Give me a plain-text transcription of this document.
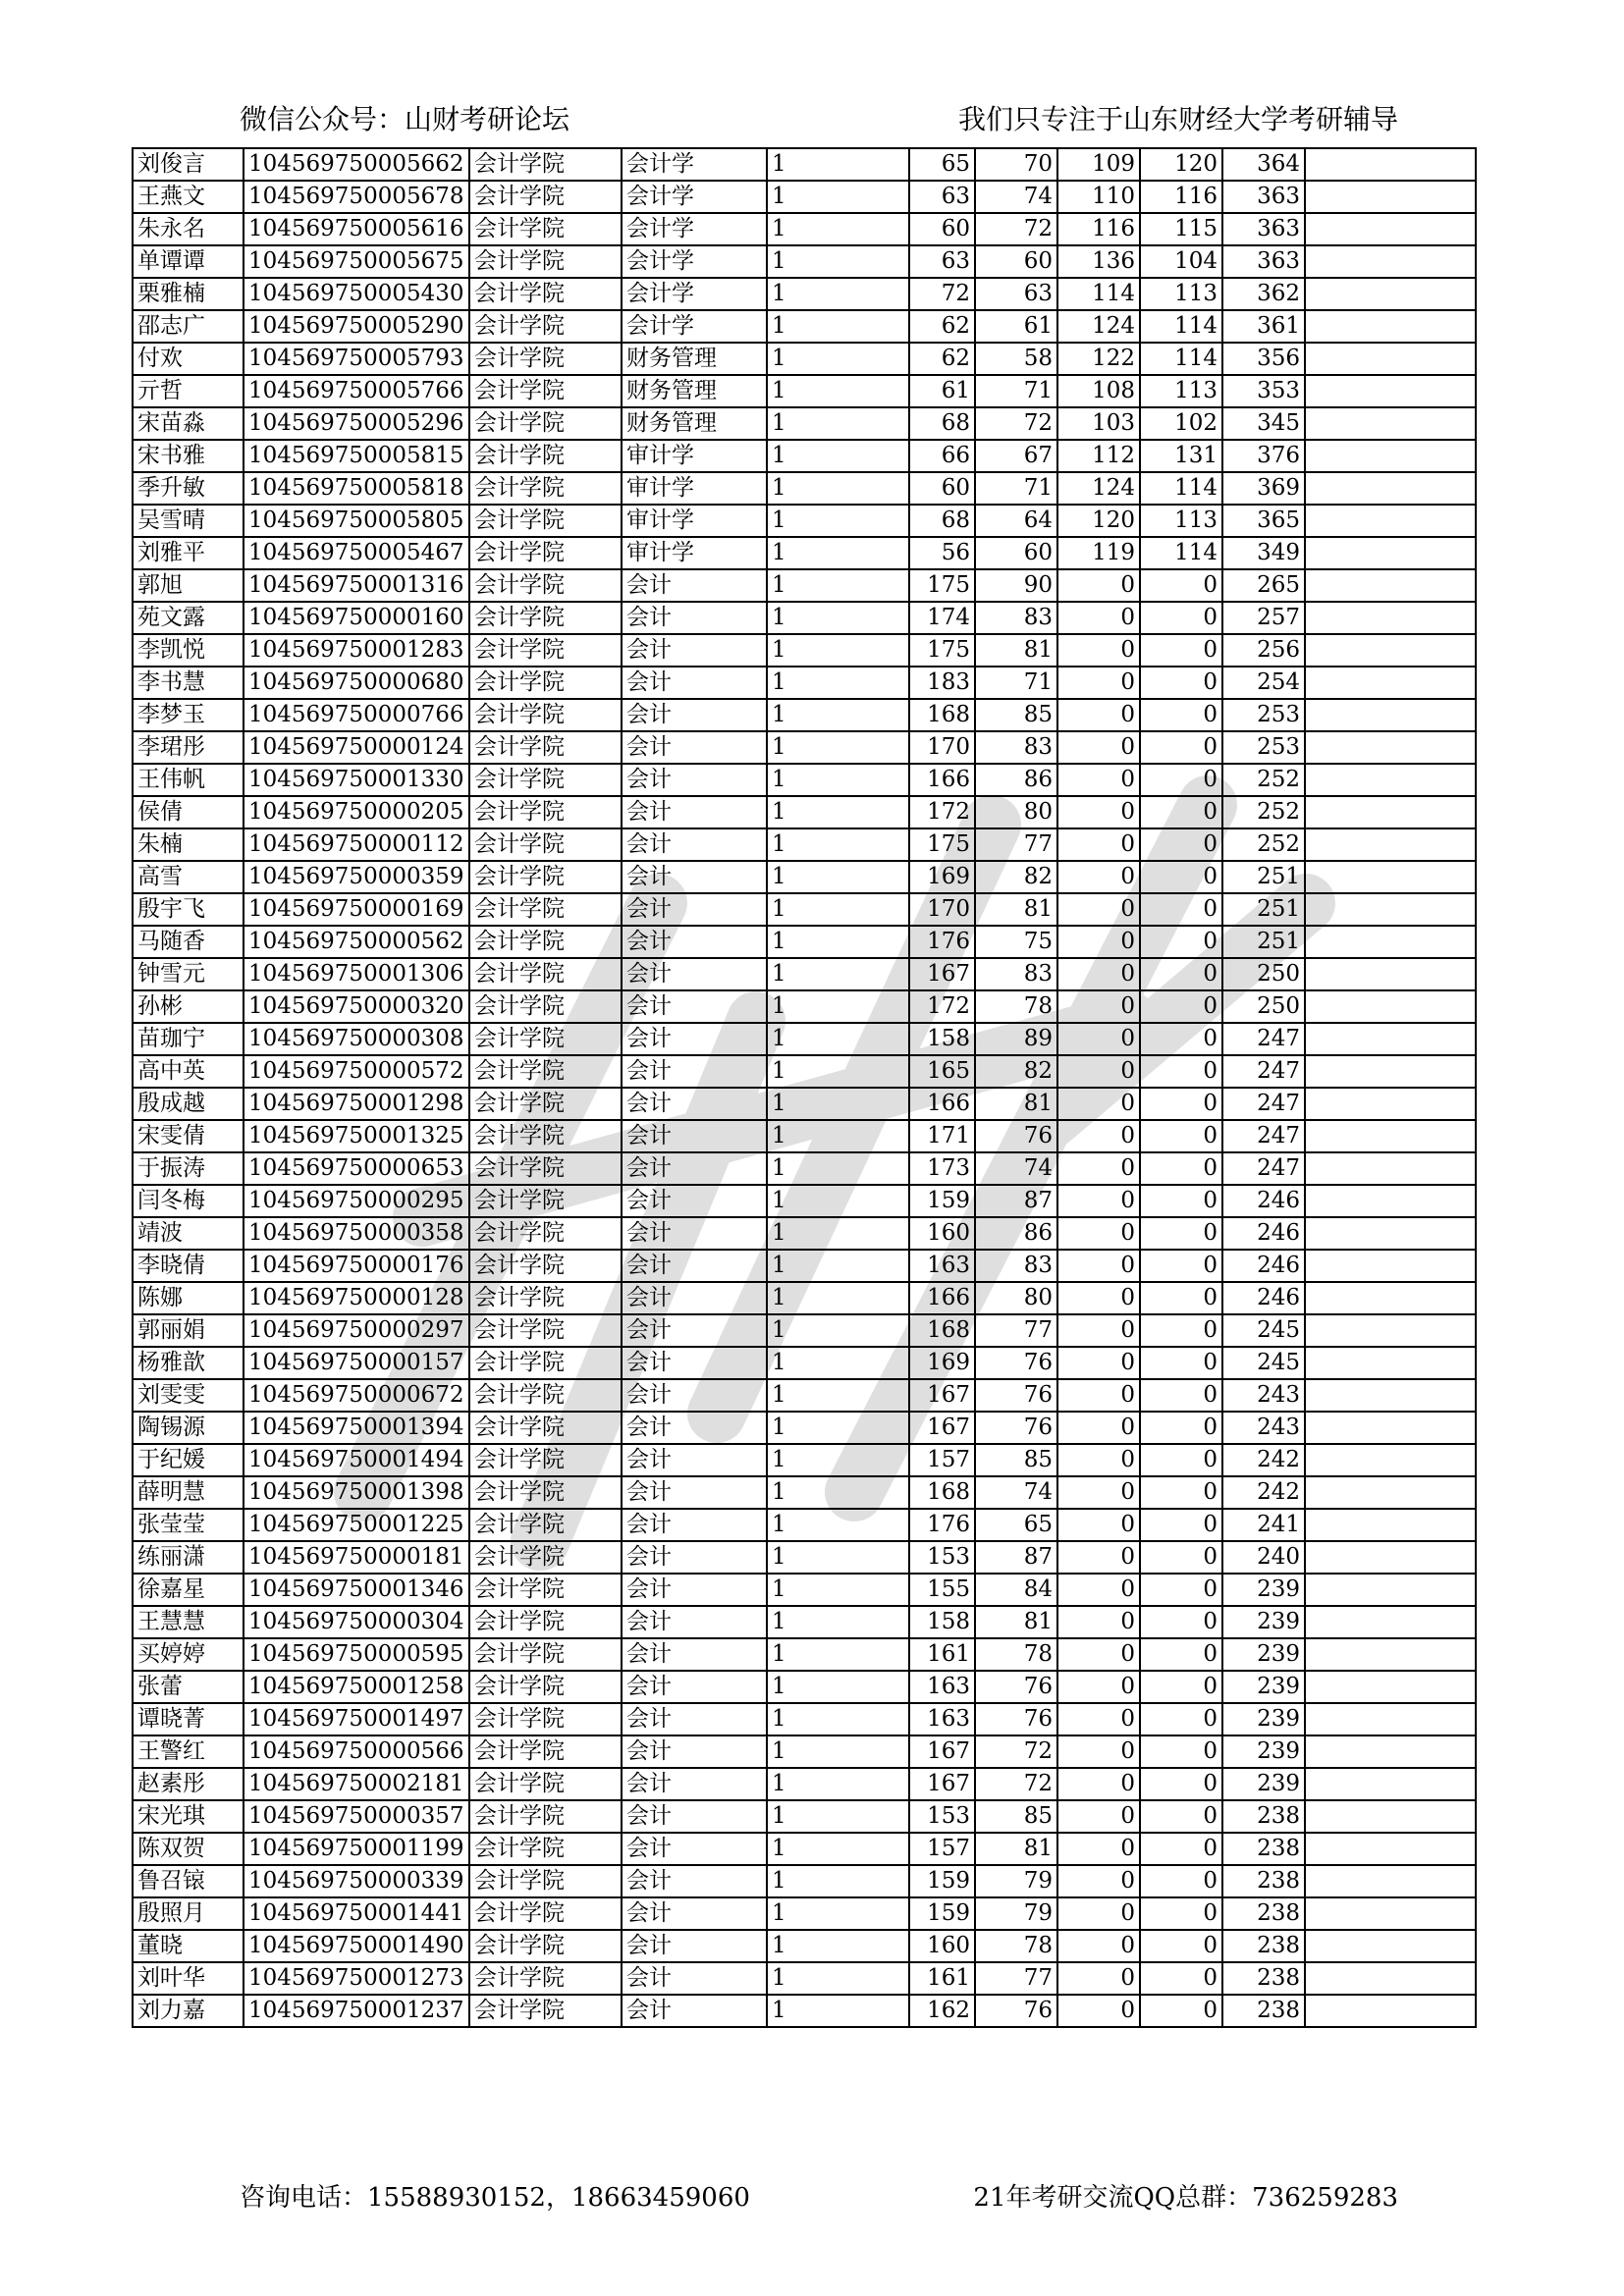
微信公众号：山财考研论坛	我们只专注于山东财经大学考研辅导
刘俊言	104569750005662	会计学院	会计学	1	65	70	109	120	364	
王燕文	104569750005678	会计学院	会计学	1	63	74	110	116	363	
朱永名	104569750005616	会计学院	会计学	1	60	72	116	115	363	
单谭谭	104569750005675	会计学院	会计学	1	63	60	136	104	363	
栗雅楠	104569750005430	会计学院	会计学	1	72	63	114	113	362	
邵志广	104569750005290	会计学院	会计学	1	62	61	124	114	361	
付欢	104569750005793	会计学院	财务管理	1	62	58	122	114	356	
亓哲	104569750005766	会计学院	财务管理	1	61	71	108	113	353	
宋苗淼	104569750005296	会计学院	财务管理	1	68	72	103	102	345	
宋书雅	104569750005815	会计学院	审计学	1	66	67	112	131	376	
季升敏	104569750005818	会计学院	审计学	1	60	71	124	114	369	
吴雪晴	104569750005805	会计学院	审计学	1	68	64	120	113	365	
刘雅平	104569750005467	会计学院	审计学	1	56	60	119	114	349	
郭旭	104569750001316	会计学院	会计	1	175	90	0	0	265	
苑文露	104569750000160	会计学院	会计	1	174	83	0	0	257	
李凯悦	104569750001283	会计学院	会计	1	175	81	0	0	256	
李书慧	104569750000680	会计学院	会计	1	183	71	0	0	254	
李梦玉	104569750000766	会计学院	会计	1	168	85	0	0	253	
李珺彤	104569750000124	会计学院	会计	1	170	83	0	0	253	
王伟帆	104569750001330	会计学院	会计	1	166	86	0	0	252	
侯倩	104569750000205	会计学院	会计	1	172	80	0	0	252	
朱楠	104569750000112	会计学院	会计	1	175	77	0	0	252	
高雪	104569750000359	会计学院	会计	1	169	82	0	0	251	
殷宇飞	104569750000169	会计学院	会计	1	170	81	0	0	251	
马随香	104569750000562	会计学院	会计	1	176	75	0	0	251	
钟雪元	104569750001306	会计学院	会计	1	167	83	0	0	250	
孙彬	104569750000320	会计学院	会计	1	172	78	0	0	250	
苗珈宁	104569750000308	会计学院	会计	1	158	89	0	0	247	
高中英	104569750000572	会计学院	会计	1	165	82	0	0	247	
殷成越	104569750001298	会计学院	会计	1	166	81	0	0	247	
宋雯倩	104569750001325	会计学院	会计	1	171	76	0	0	247	
于振涛	104569750000653	会计学院	会计	1	173	74	0	0	247	
闫冬梅	104569750000295	会计学院	会计	1	159	87	0	0	246	
靖波	104569750000358	会计学院	会计	1	160	86	0	0	246	
李晓倩	104569750000176	会计学院	会计	1	163	83	0	0	246	
陈娜	104569750000128	会计学院	会计	1	166	80	0	0	246	
郭丽娟	104569750000297	会计学院	会计	1	168	77	0	0	245	
杨雅歆	104569750000157	会计学院	会计	1	169	76	0	0	245	
刘雯雯	104569750000672	会计学院	会计	1	167	76	0	0	243	
陶锡源	104569750001394	会计学院	会计	1	167	76	0	0	243	
于纪媛	104569750001494	会计学院	会计	1	157	85	0	0	242	
薛明慧	104569750001398	会计学院	会计	1	168	74	0	0	242	
张莹莹	104569750001225	会计学院	会计	1	176	65	0	0	241	
练丽潇	104569750000181	会计学院	会计	1	153	87	0	0	240	
徐嘉星	104569750001346	会计学院	会计	1	155	84	0	0	239	
王慧慧	104569750000304	会计学院	会计	1	158	81	0	0	239	
买婷婷	104569750000595	会计学院	会计	1	161	78	0	0	239	
张蕾	104569750001258	会计学院	会计	1	163	76	0	0	239	
谭晓菁	104569750001497	会计学院	会计	1	163	76	0	0	239	
王警红	104569750000566	会计学院	会计	1	167	72	0	0	239	
赵素彤	104569750002181	会计学院	会计	1	167	72	0	0	239	
宋光琪	104569750000357	会计学院	会计	1	153	85	0	0	238	
陈双贺	104569750001199	会计学院	会计	1	157	81	0	0	238	
鲁召锿	104569750000339	会计学院	会计	1	159	79	0	0	238	
殷照月	104569750001441	会计学院	会计	1	159	79	0	0	238	
董晓	104569750001490	会计学院	会计	1	160	78	0	0	238	
刘叶华	104569750001273	会计学院	会计	1	161	77	0	0	238	
刘力嘉	104569750001237	会计学院	会计	1	162	76	0	0	238	
咨询电话：15588930152，18663459060	21年考研交流QQ总群：736259283
